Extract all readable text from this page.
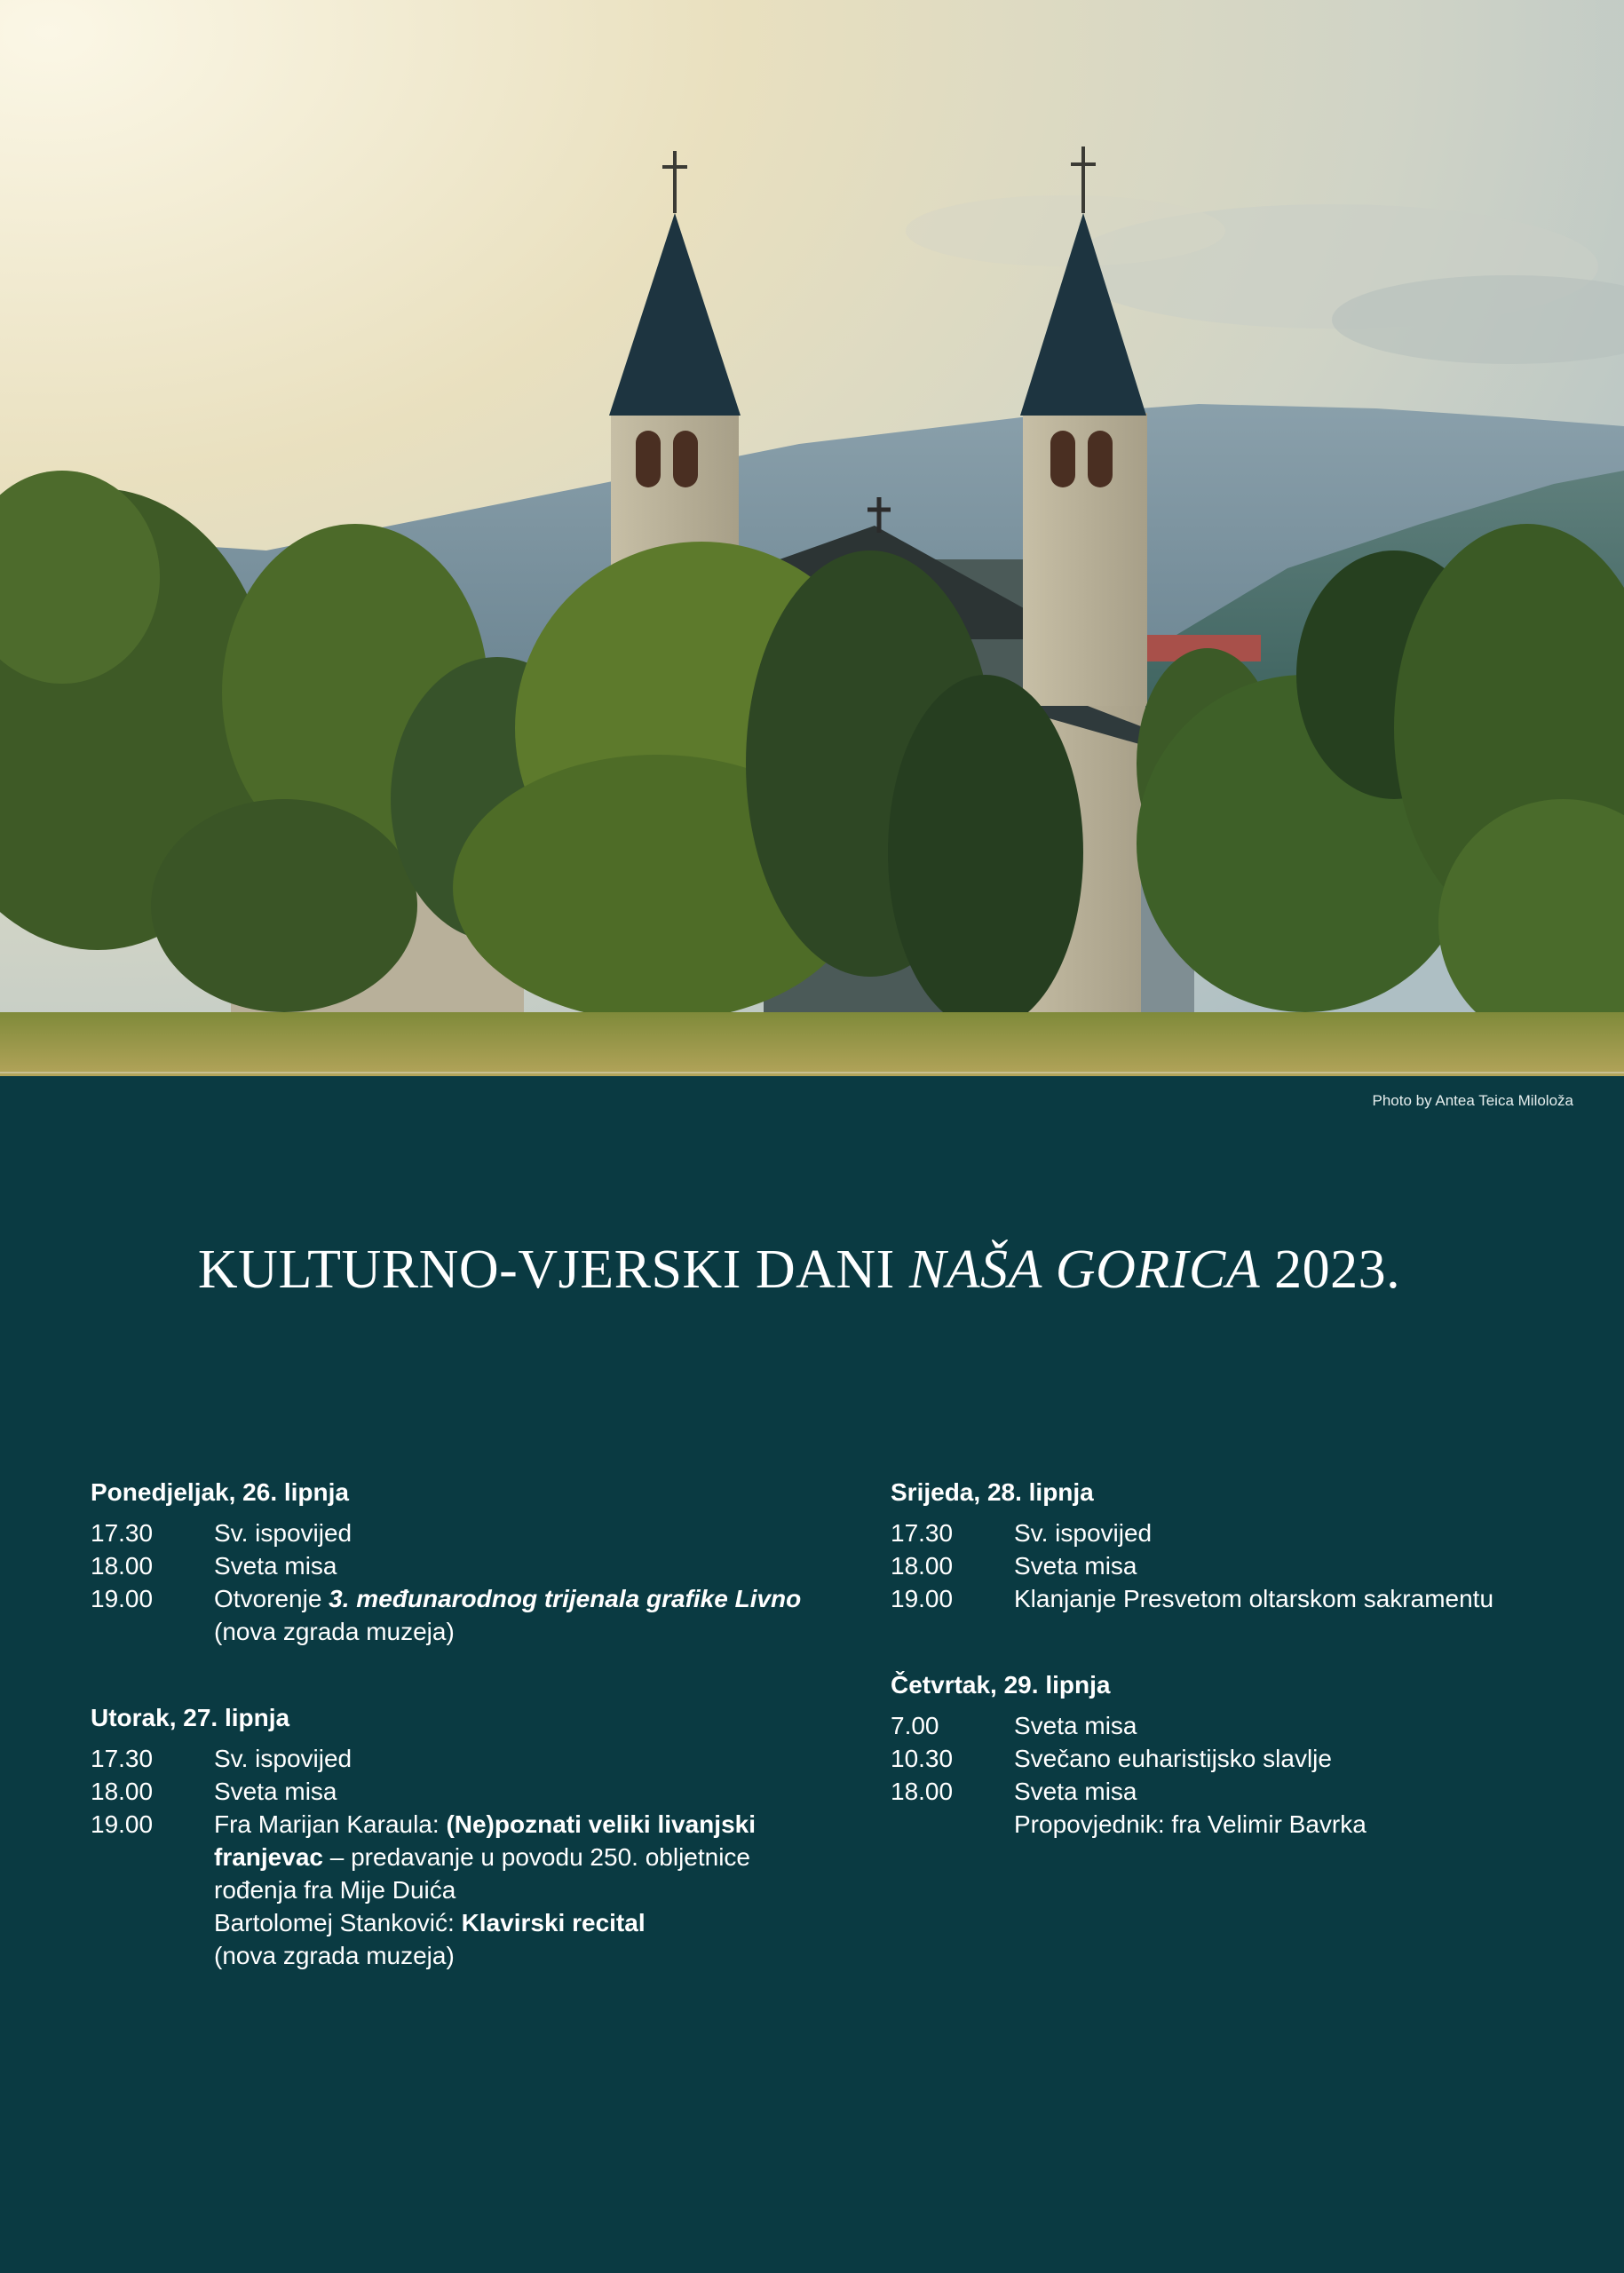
Photo by Antea Teica Miloloža
KULTURNO-VJERSKI DANI NAŠA GORICA 2023.
Ponedjeljak, 26. lipnja
17.30	Sv. ispovijed
18.00	Sveta misa
19.00	Otvorenje 3. međunarodnog trijenala grafike Livno
(nova zgrada muzeja)
Utorak, 27. lipnja
17.30	Sv. ispovijed
18.00	Sveta misa
19.00	Fra Marijan Karaula: (Ne)poznati veliki livanjski
franjevac – predavanje u povodu 250. obljetnice
rođenja fra Mije Duića
Bartolomej Stanković: Klavirski recital
(nova zgrada muzeja)
Srijeda, 28. lipnja
17.30	Sv. ispovijed
18.00	Sveta misa
19.00	Klanjanje Presvetom oltarskom sakramentu
Četvrtak, 29. lipnja
7.00	Sveta misa
10.30	Svečano euharistijsko slavlje
18.00	Sveta misa
Propovjednik: fra Velimir Bavrka
